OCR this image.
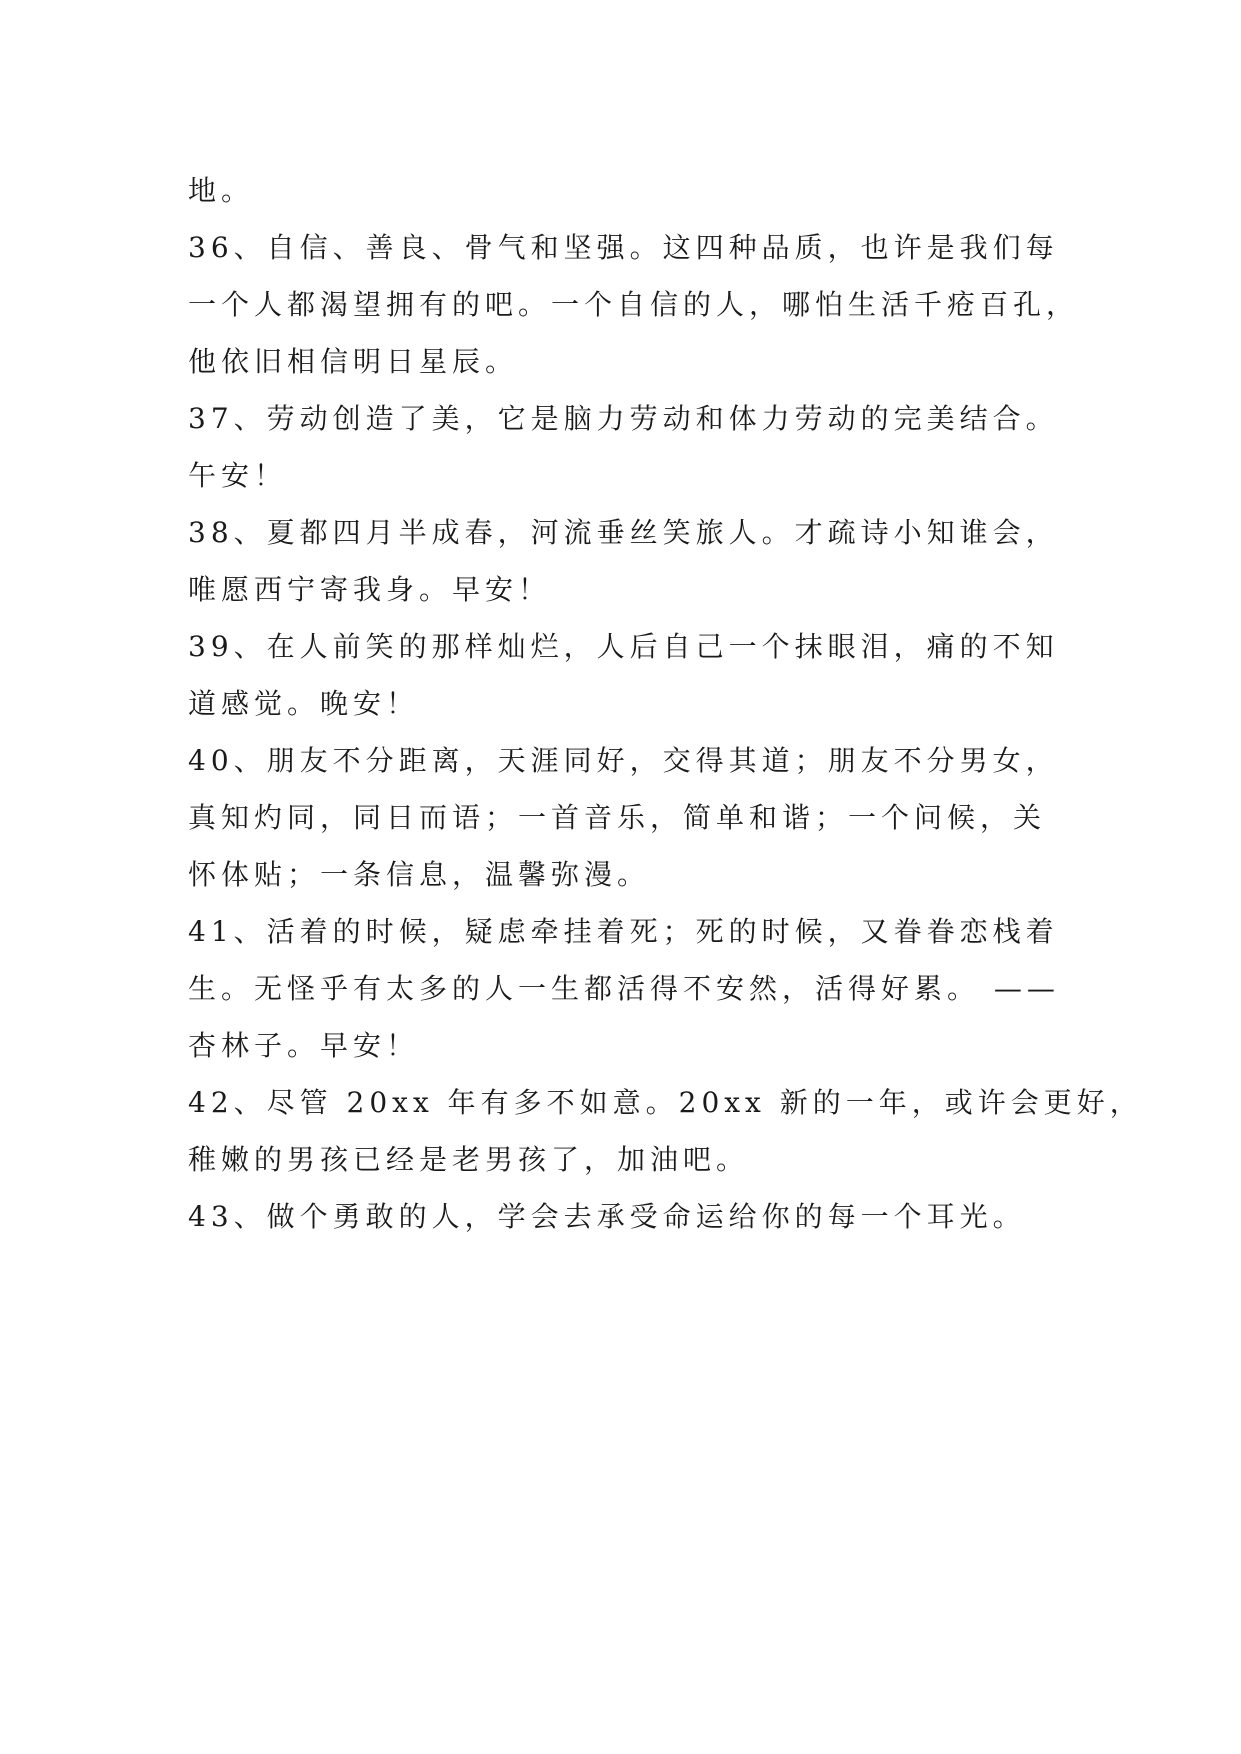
地。
36、自信、善良、骨气和坚强。这四种品质，也许是我们每
一个人都渴望拥有的吧。一个自信的人，哪怕生活千疮百孔，
他依旧相信明日星辰。
37、劳动创造了美，它是脑力劳动和体力劳动的完美结合。
午安！
38、夏都四月半成春，河流垂丝笑旅人。才疏诗小知谁会，
唯愿西宁寄我身。早安！
39、在人前笑的那样灿烂，人后自己一个抹眼泪，痛的不知
道感觉。晚安！
40、朋友不分距离，天涯同好，交得其道；朋友不分男女，
真知灼同，同日而语；一首音乐，简单和谐；一个问候，关
怀体贴；一条信息，温馨弥漫。
41、活着的时候，疑虑牵挂着死；死的时候，又眷眷恋栈着
生。无怪乎有太多的人一生都活得不安然，活得好累。 ——
杏林子。早安！
42、尽管 20xx 年有多不如意。20xx 新的一年，或许会更好，
稚嫩的男孩已经是老男孩了，加油吧。
43、做个勇敢的人，学会去承受命运给你的每一个耳光。
